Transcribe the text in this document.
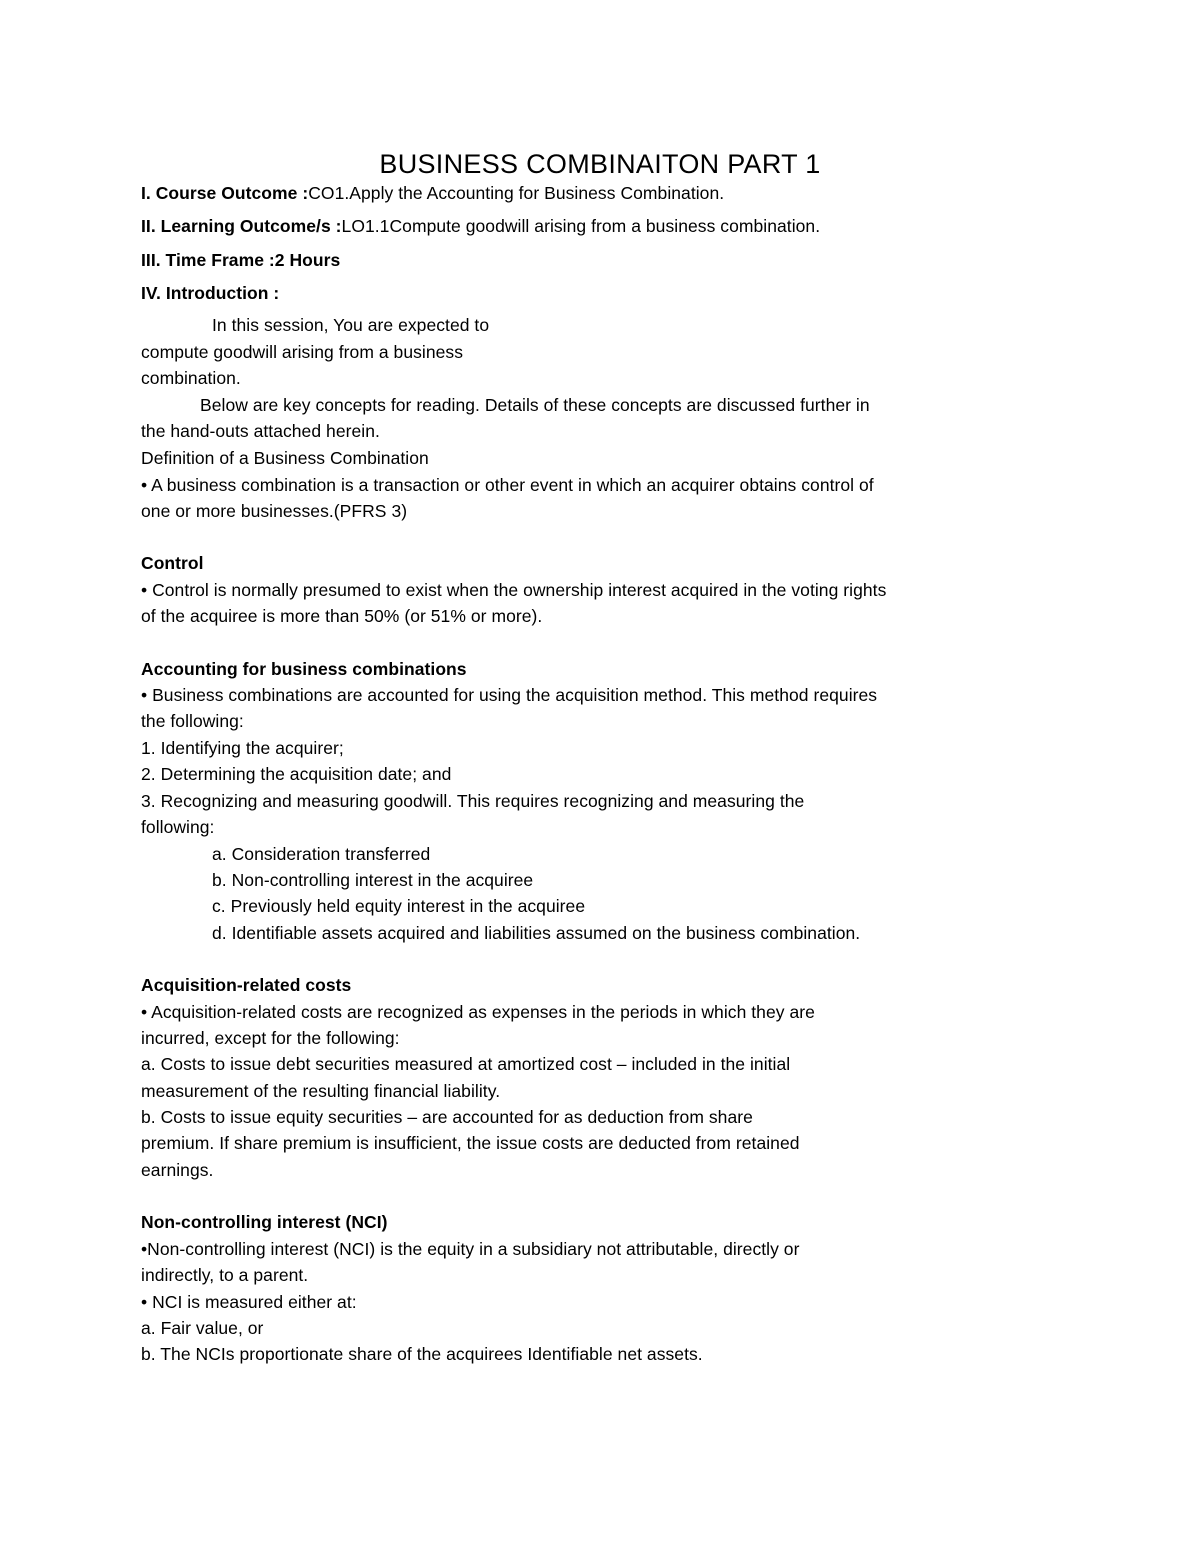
BUSINESS COMBINAITON PART 1
I. Course Outcome :CO1.Apply the Accounting for Business Combination.
II. Learning Outcome/s :LO1.1Compute goodwill arising from a business combination.
III. Time Frame :2 Hours
IV. Introduction :
In this session, You are expected to
compute goodwill arising from a business
combination.
Below are key concepts for reading. Details of these concepts are discussed further in
the hand-outs attached herein.
Definition of a Business Combination
• A business combination is a transaction or other event in which an acquirer obtains control of
one or more businesses.(PFRS 3)
Control
• Control is normally presumed to exist when the ownership interest acquired in the voting rights
of the acquiree is more than 50% (or 51% or more).
Accounting for business combinations
• Business combinations are accounted for using the acquisition method. This method requires
the following:
1. Identifying the acquirer;
2. Determining the acquisition date; and
3. Recognizing and measuring goodwill. This requires recognizing and measuring the
following:
a. Consideration transferred
b. Non-controlling interest in the acquiree
c. Previously held equity interest in the acquiree
d. Identifiable assets acquired and liabilities assumed on the business combination.
Acquisition-related costs
• Acquisition-related costs are recognized as expenses in the periods in which they are
incurred, except for the following:
a. Costs to issue debt securities measured at amortized cost – included in the initial
measurement of the resulting financial liability.
b. Costs to issue equity securities – are accounted for as deduction from share
premium. If share premium is insufficient, the issue costs are deducted from retained
earnings.
Non-controlling interest (NCI)
•Non-controlling interest (NCI) is the equity in a subsidiary not attributable, directly or
indirectly, to a parent.
• NCI is measured either at:
a. Fair value, or
b. The NCIs proportionate share of the acquirees Identifiable net assets.
